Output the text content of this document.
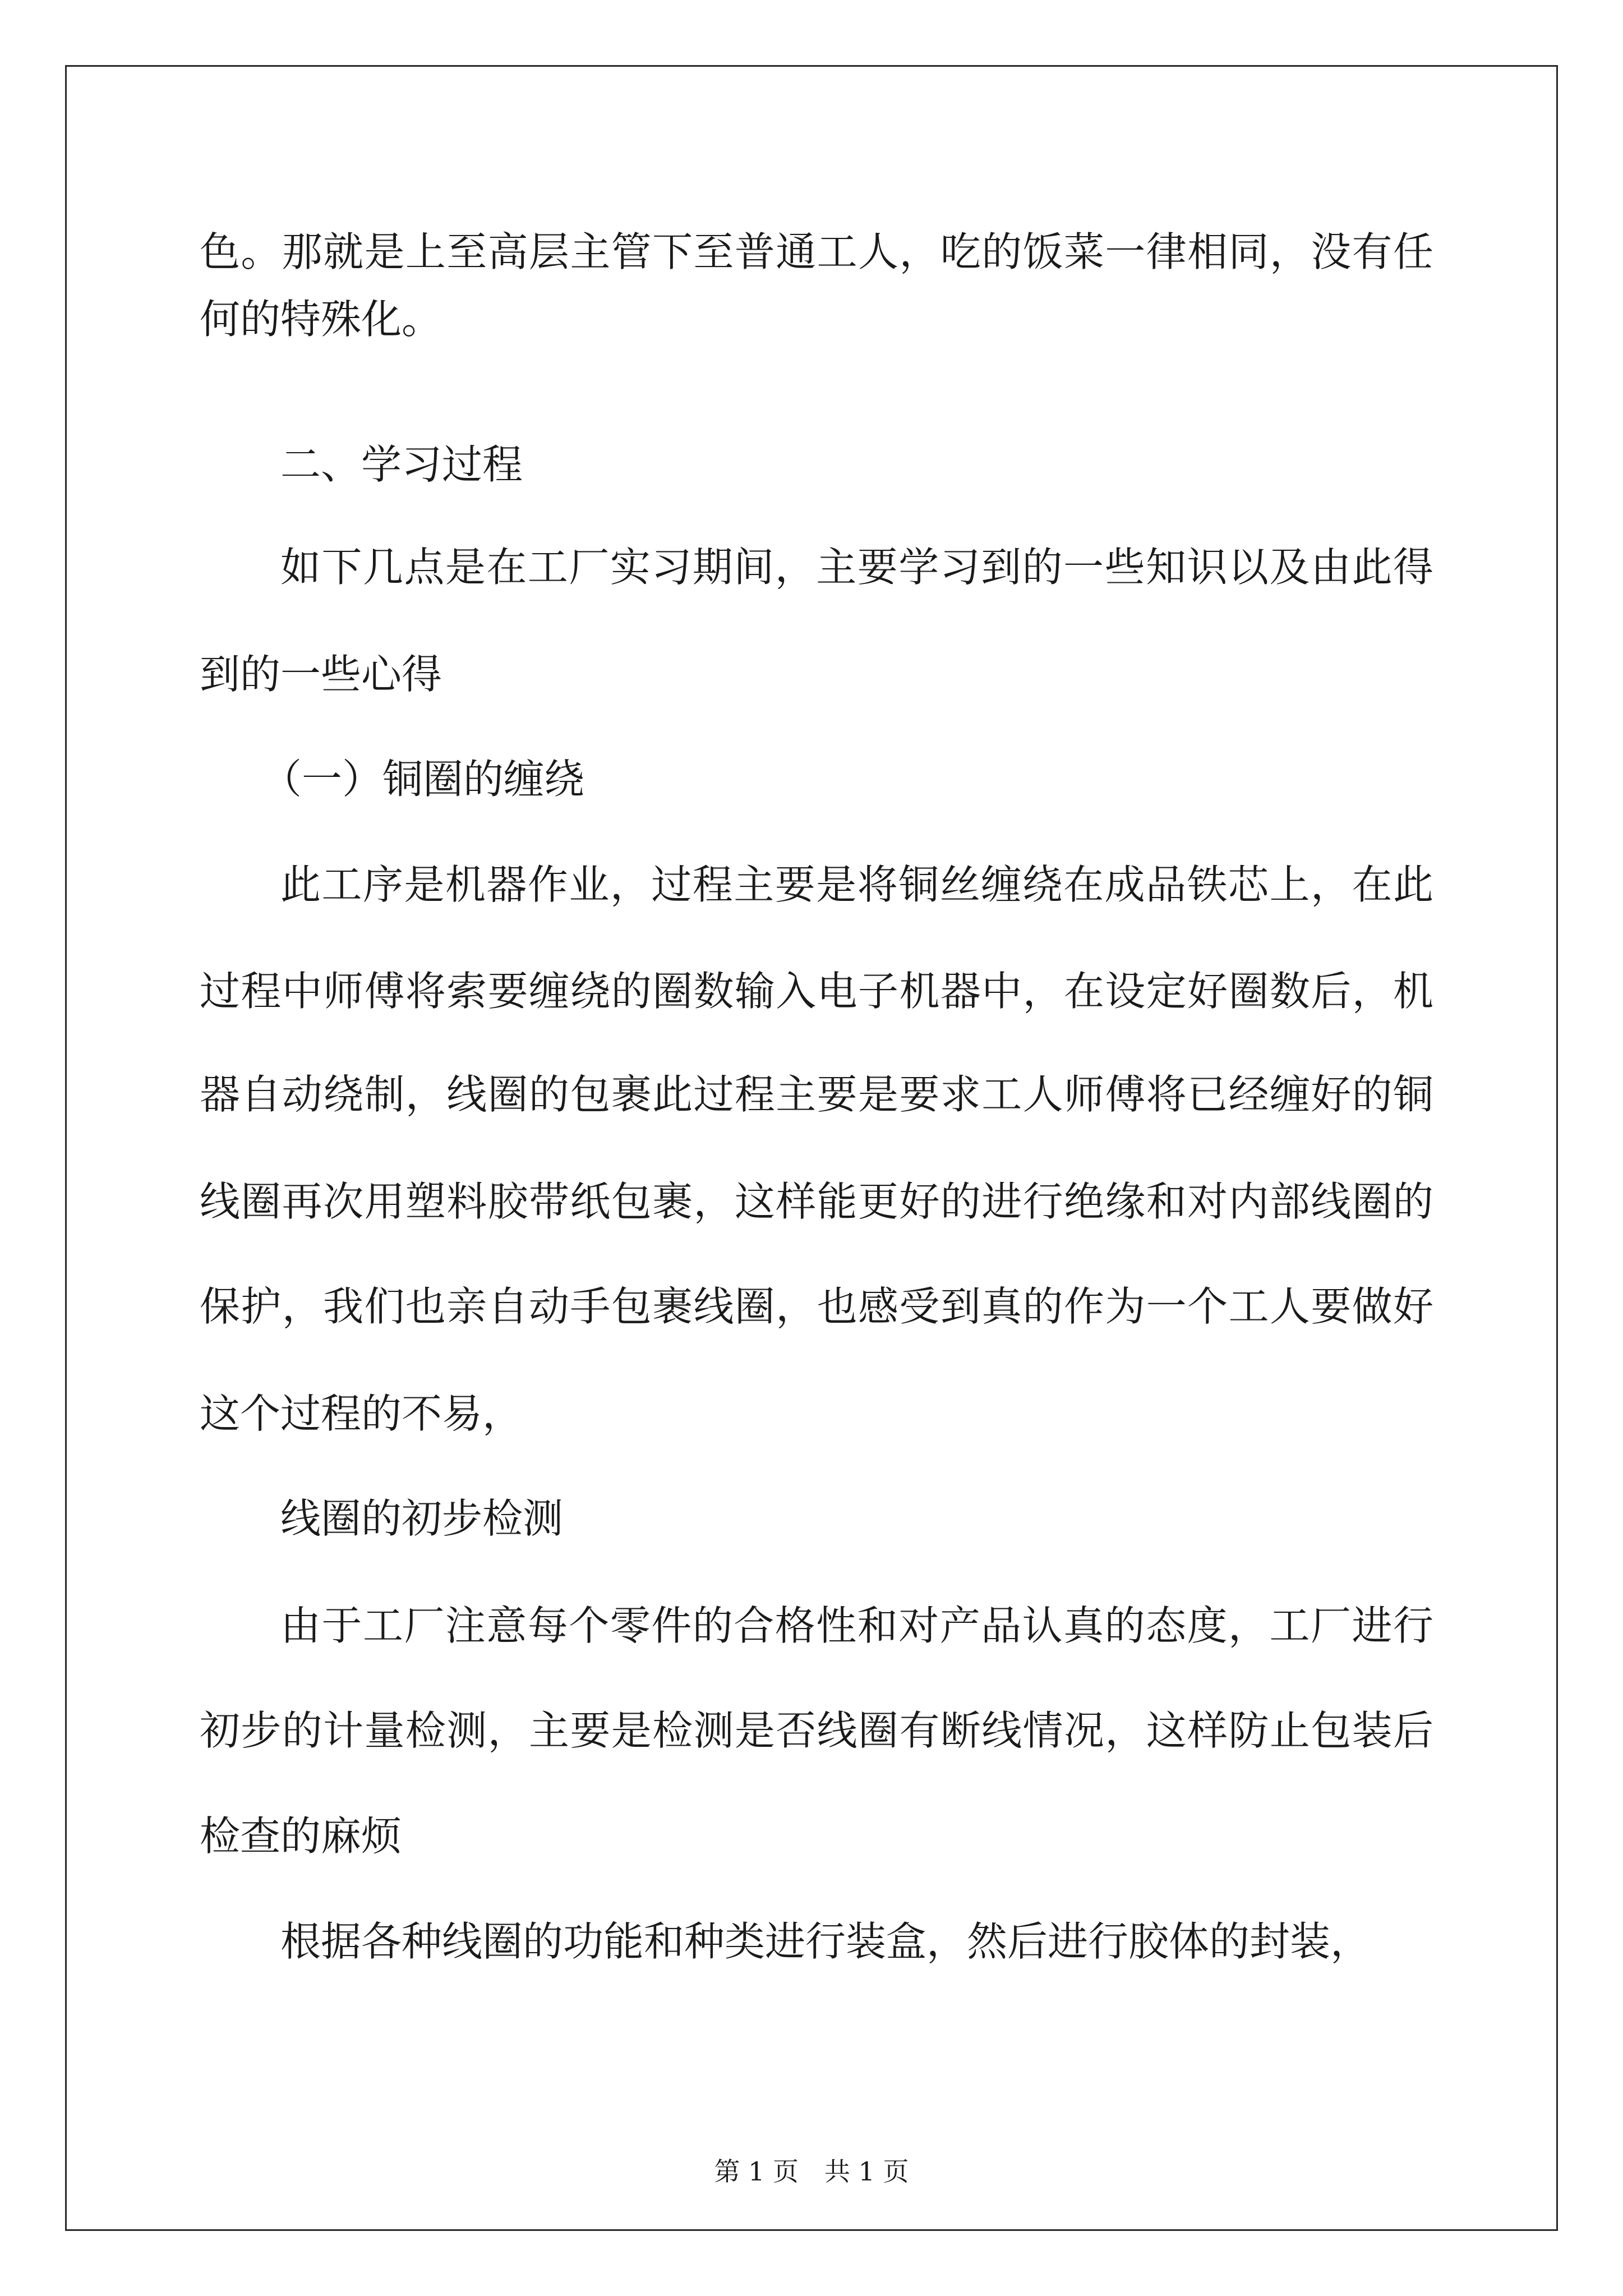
色。那就是上至高层主管下至普通工人，吃的饭菜一律相同，没有任
何的特殊化。
二、学习过程
如下几点是在工厂实习期间，主要学习到的一些知识以及由此得
到的一些心得
（一）铜圈的缠绕
此工序是机器作业，过程主要是将铜丝缠绕在成品铁芯上，在此
过程中师傅将索要缠绕的圈数输入电子机器中，在设定好圈数后，机
器自动绕制，线圈的包裹此过程主要是要求工人师傅将已经缠好的铜
线圈再次用塑料胶带纸包裹，这样能更好的进行绝缘和对内部线圈的
保护，我们也亲自动手包裹线圈，也感受到真的作为一个工人要做好
这个过程的不易，
线圈的初步检测
由于工厂注意每个零件的合格性和对产品认真的态度，工厂进行
初步的计量检测，主要是检测是否线圈有断线情况，这样防止包装后
检查的麻烦
根据各种线圈的功能和种类进行装盒，然后进行胶体的封装，
第 1 页　共 1 页
